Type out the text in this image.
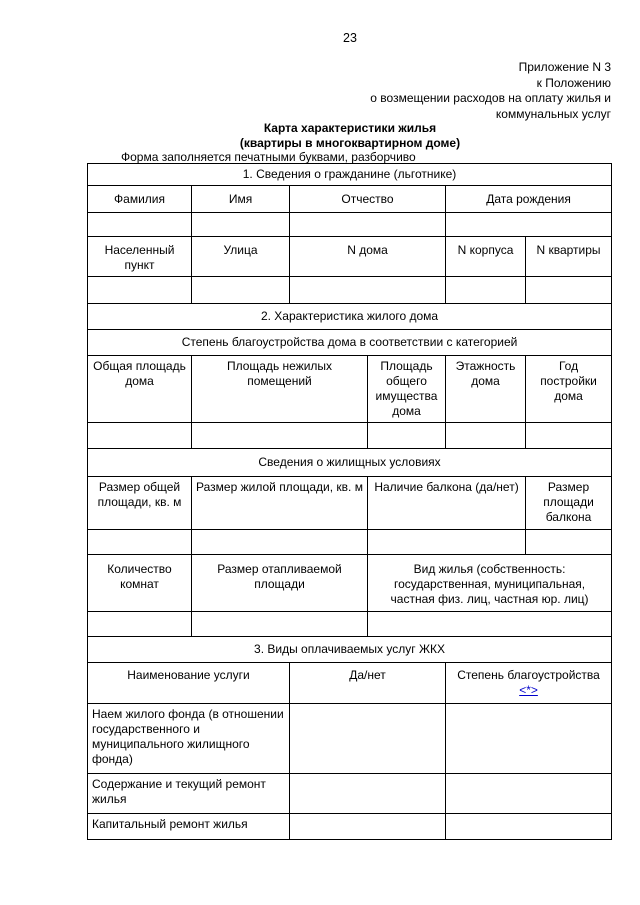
23
Приложение N 3
к Положению
о возмещении расходов на оплату жилья и
коммунальных услуг
Карта характеристики жилья
(квартиры в многоквартирном доме)
Форма заполняется печатными буквами, разборчиво
1. Сведения о гражданине (льготнике)					
Фамилия	Имя	Отчество		Дата рождения	

Населенный пункт	Улица	N дома		N корпуса	N квартиры

2. Характеристика жилого дома					
Степень благоустройства дома в соответствии с категорией					
Общая площадь дома	Площадь нежилых помещений		Площадь общего имущества дома	Этажность дома	Год постройки дома

Сведения о жилищных условиях					
Размер общей площади, кв. м	Размер жилой площади, кв. м		Наличие балкона (да/нет)		Размер площади балкона

Количество комнат	Размер отапливаемой площади		Вид жилья (собственность: государственная, муниципальная, частная физ. лиц, частная юр. лиц)		

3. Виды оплачиваемых услуг ЖКХ					
Наименование услуги		Да/нет		Степень благоустройства <*>	
Наем жилого фонда (в отношении государственного и муниципального жилищного фонда)					
Содержание и текущий ремонт жилья					
Капитальный ремонт жилья					
